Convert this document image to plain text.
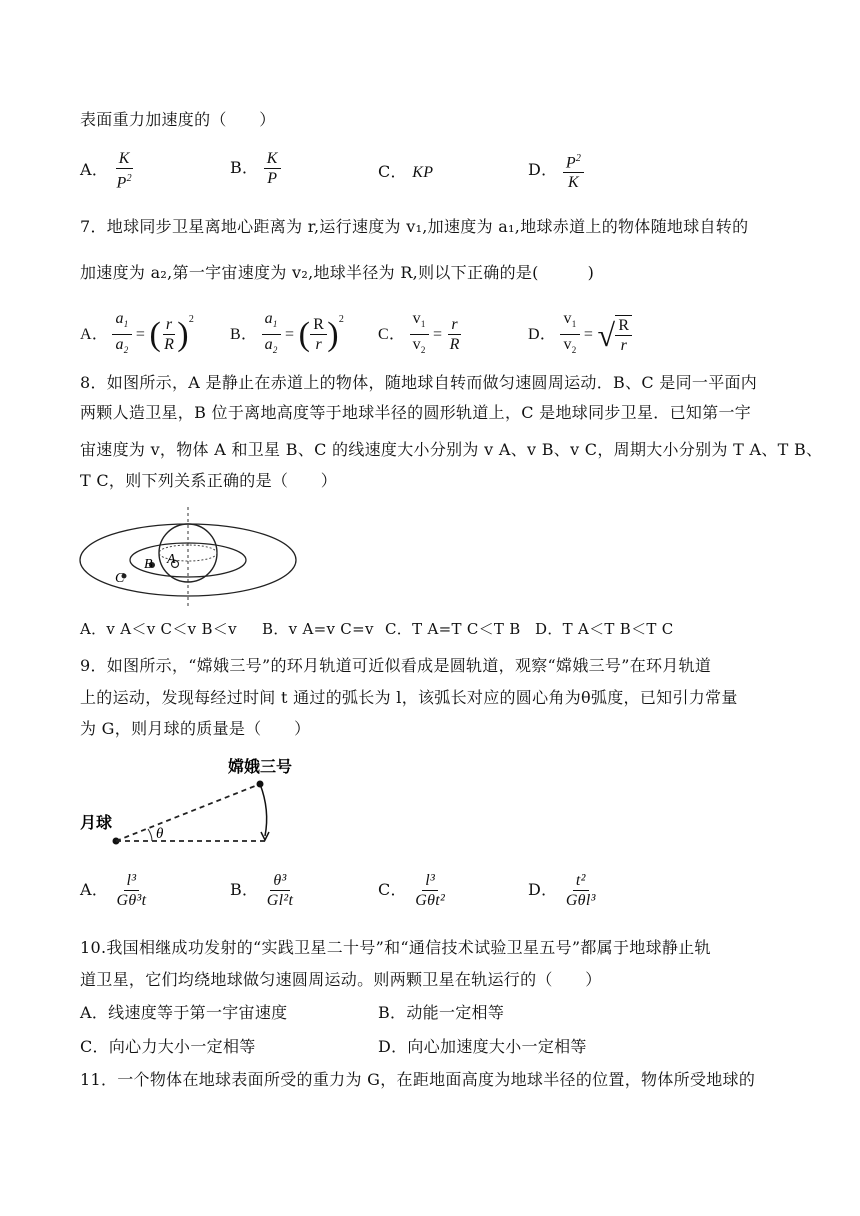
表面重力加速度的（　　）
A． $\frac{K}{P^2}$	B． $\frac{K}{P}$	C． KP	D． $\frac{P^2}{K}$
7．地球同步卫星离地心距离为 r,运行速度为 v₁,加速度为 a₁,地球赤道上的物体随地球自转的
加速度为 a₂,第一宇宙速度为 v₂,地球半径为 R,则以下正确的是(　　　)
A．
$\frac{a_1}{a_2}$ = ( $\frac{r}{R} )^2$
B．
$\frac{a_1}{a_2}$ = ( $\frac{R}{r} )^2$
C．
$\frac{v_1}{v_2} = \frac{r}{R}$	D．
$\frac{v_1}{v_2}$ = √ $\frac{R}{r}$
8．如图所示，A 是静止在赤道上的物体，随地球自转而做匀速圆周运动．B、C 是同一平面内
两颗人造卫星，B 位于离地高度等于地球半径的圆形轨道上，C 是地球同步卫星．已知第一宇
宙速度为 v，物体 A 和卫星 B、C 的线速度大小分别为 v A、v B、v C，周期大小分别为 T A、T B、
T C，则下列关系正确的是（　　）
A
B
C
A．v A＜v C＜v B＜v B．v A=v C=v C．T A=T C＜T B D．T A＜T B＜T C
9．如图所示，“嫦娥三号”的环月轨道可近似看成是圆轨道，观察“嫦娥三号”在环月轨道
上的运动，发现每经过时间 t 通过的弧长为 l，该弧长对应的圆心角为θ弧度，已知引力常量
为 G，则月球的质量是（　　）
月球
嫦娥三号
θ
A． $\frac{\text{l³}}{\text{Gθ³t}}$	B． $\frac{\text{θ³}}{\text{Gl²t}}$	C． $\frac{\text{l³}}{\text{Gθt²}}$	D． $\frac{\text{t²}}{\text{Gθl³}}$
10.我国相继成功发射的“实践卫星二十号”和“通信技术试验卫星五号”都属于地球静止轨
道卫星，它们均绕地球做匀速圆周运动。则两颗卫星在轨运行的（　　）
A．线速度等于第一宇宙速度	B．动能一定相等
C．向心力大小一定相等	D．向心加速度大小一定相等
11．一个物体在地球表面所受的重力为 G，在距地面高度为地球半径的位置，物体所受地球的
